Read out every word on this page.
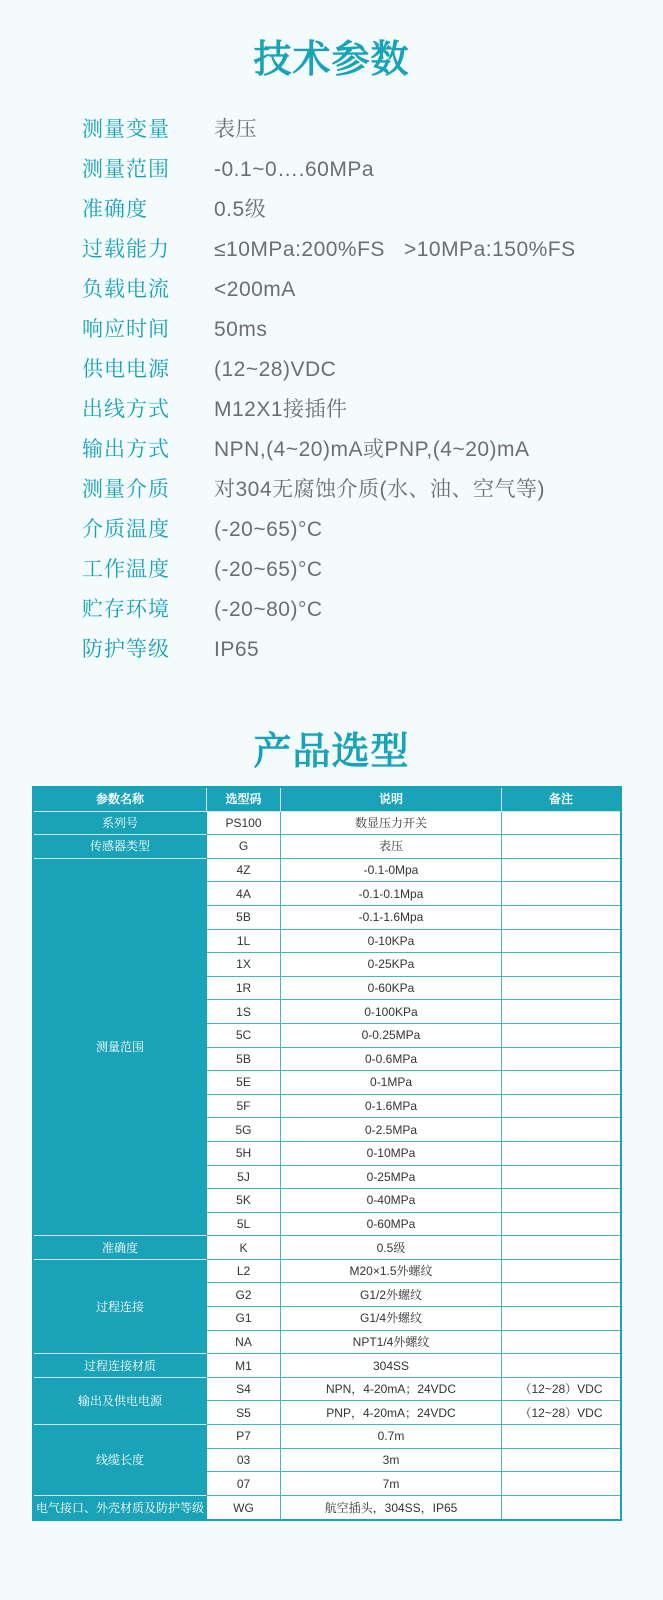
技术参数
测量变量 表压
测量范围 -0.1~0….60MPa
准确度	0.5级
过载能力 ≤10MPa:200%FS   >10MPa:150%FS
负载电流 <200mA
响应时间 50ms
供电电源 (12~28)VDC
出线方式 M12X1接插件
输出方式 NPN,(4~20)mA或PNP,(4~20)mA
测量介质 对304无腐蚀介质(水、油、空气等)
介质温度 (-20~65)°C
工作温度 (-20~65)°C
贮存环境 (-20~80)°C
防护等级 IP65
产品选型
参数名称	选型码	说明	备注
系列号	PS100	数显压力开关	
传感器类型	G	表压	
测量范围	4Z	-0.1-0Mpa	
	4A	-0.1-0.1Mpa	
	5B	-0.1-1.6Mpa	
	1L	0-10KPa	
	1X	0-25KPa	
	1R	0-60KPa	
	1S	0-100KPa	
	5C	0-0.25MPa	
	5B	0-0.6MPa	
	5E	0-1MPa	
	5F	0-1.6MPa	
	5G	0-2.5MPa	
	5H	0-10MPa	
	5J	0-25MPa	
	5K	0-40MPa	
	5L	0-60MPa	
准确度	K	0.5级	
过程连接	L2	M20×1.5外螺纹	
	G2	G1/2外螺纹	
	G1	G1/4外螺纹	
	NA	NPT1/4外螺纹	
过程连接材质	M1	304SS	
输出及供电电源	S4	NPN，4-20mA；24VDC	（12~28）VDC
	S5	PNP，4-20mA；24VDC	（12~28）VDC
线缆长度	P7	0.7m	
	03	3m	
	07	7m	
电气接口、外壳材质及防护等级	WG	航空插头，304SS，IP65	
